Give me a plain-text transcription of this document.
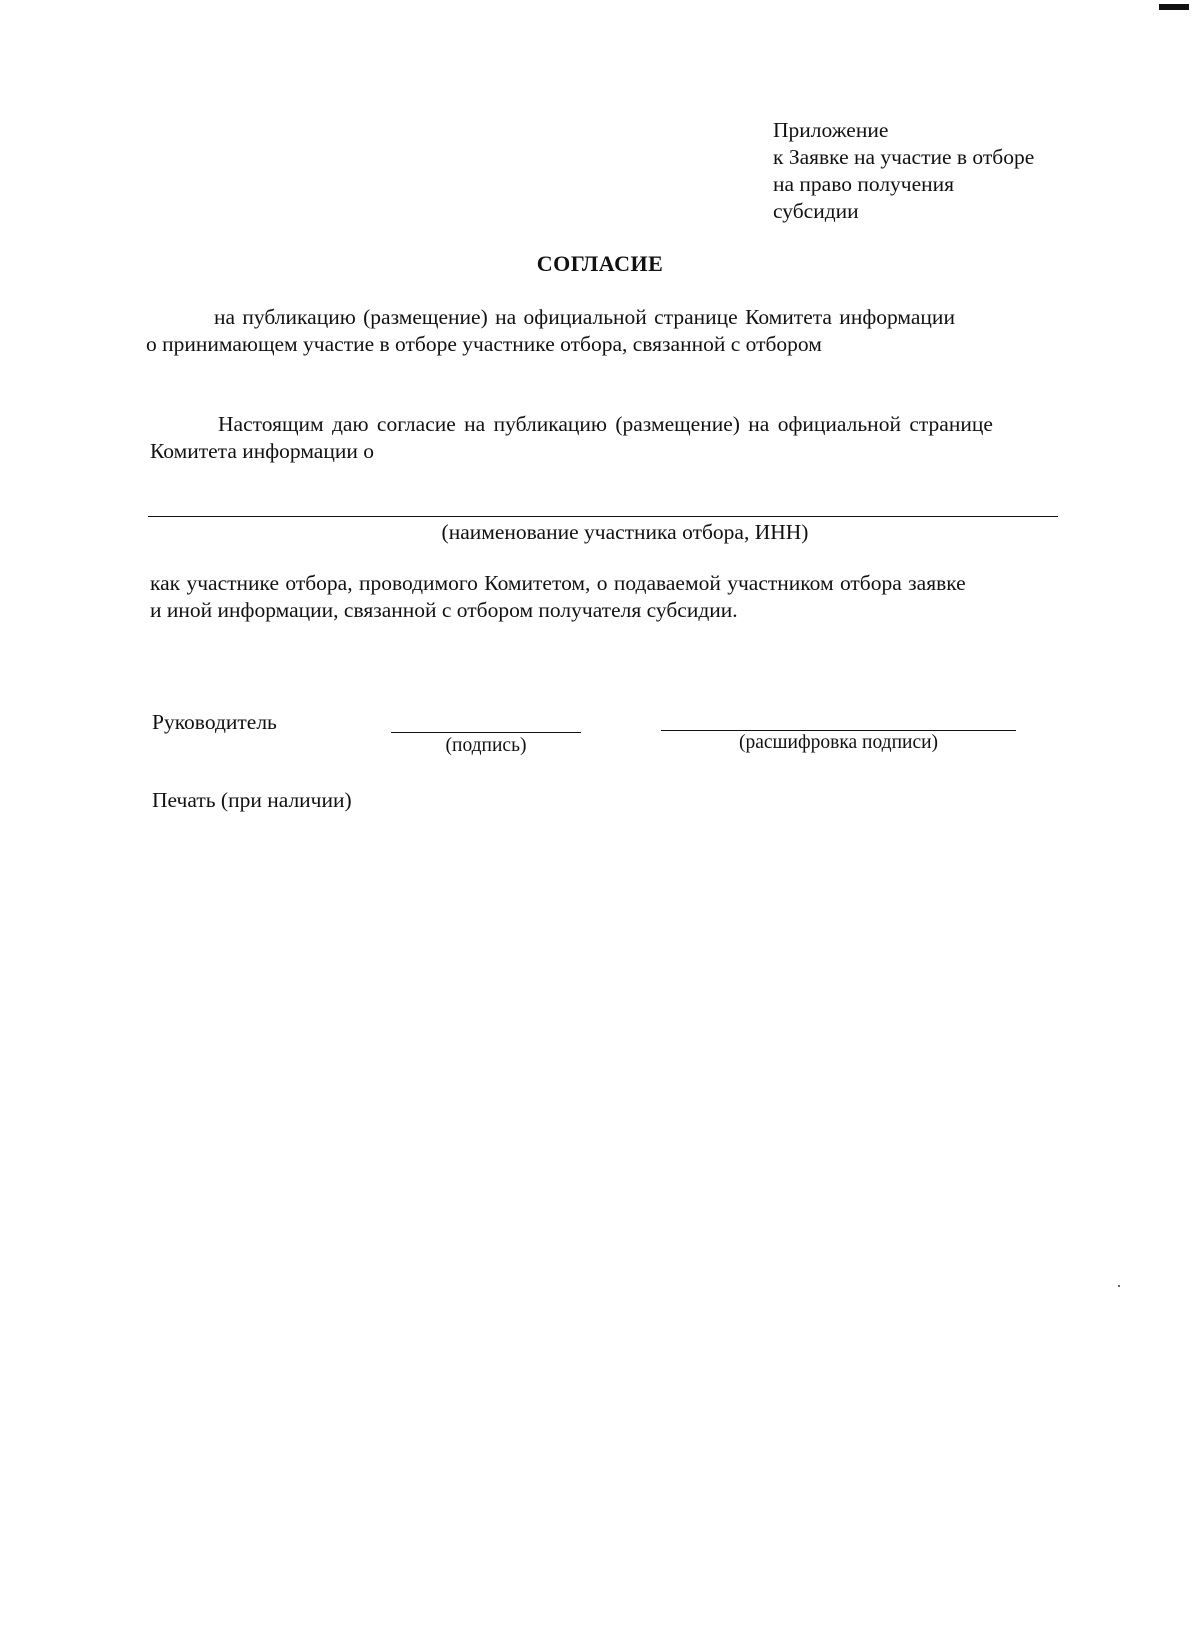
Приложение
к Заявке на участие в отборе
на право получения
субсидии
СОГЛАСИЕ
на публикацию (размещение) на официальной странице Комитета информации
о принимающем участие в отборе участнике отбора, связанной с отбором
Настоящим даю согласие на публикацию (размещение) на официальной странице
Комитета информации о
(наименование участника отбора, ИНН)
как участнике отбора, проводимого Комитетом, о подаваемой участником отбора заявке
и иной информации, связанной с отбором получателя субсидии.
Руководитель
(подпись)	(расшифровка подписи)
Печать (при наличии)
